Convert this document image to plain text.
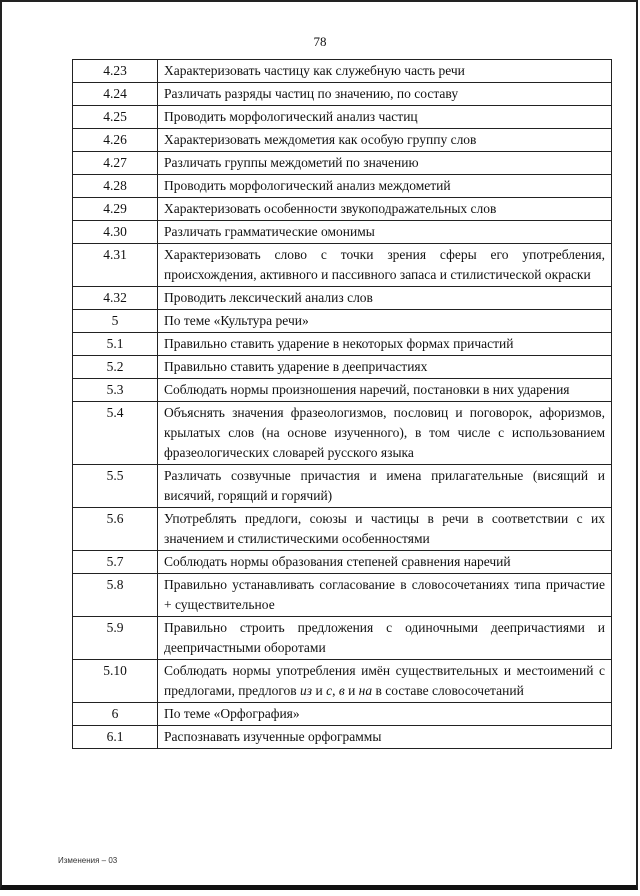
78
4.23	Характеризовать частицу как служебную часть речи
4.24	Различать разряды частиц по значению, по составу
4.25	Проводить морфологический анализ частиц
4.26	Характеризовать междометия как особую группу слов
4.27	Различать группы междометий по значению
4.28	Проводить морфологический анализ междометий
4.29	Характеризовать особенности звукоподражательных слов
4.30	Различать грамматические омонимы
4.31	Характеризовать слово с точки зрения сферы его употребления, происхождения, активного и пассивного запаса и стилистической окраски
4.32	Проводить лексический анализ слов
5	По теме «Культура речи»
5.1	Правильно ставить ударение в некоторых формах причастий
5.2	Правильно ставить ударение в деепричастиях
5.3	Соблюдать нормы произношения наречий, постановки в них ударения
5.4	Объяснять значения фразеологизмов, пословиц и поговорок, афоризмов, крылатых слов (на основе изученного), в том числе с использованием фразеологических словарей русского языка
5.5	Различать созвучные причастия и имена прилагательные (висящий и висячий, горящий и горячий)
5.6	Употреблять предлоги, союзы и частицы в речи в соответствии с их значением и стилистическими особенностями
5.7	Соблюдать нормы образования степеней сравнения наречий
5.8	Правильно устанавливать согласование в словосочетаниях типа причастие + существительное
5.9	Правильно строить предложения с одиночными деепричастиями и деепричастными оборотами
5.10	Соблюдать нормы употребления имён существительных и местоимений с предлогами, предлогов из и с, в и на в составе словосочетаний
6	По теме «Орфография»
6.1	Распознавать изученные орфограммы
Изменения – 03
